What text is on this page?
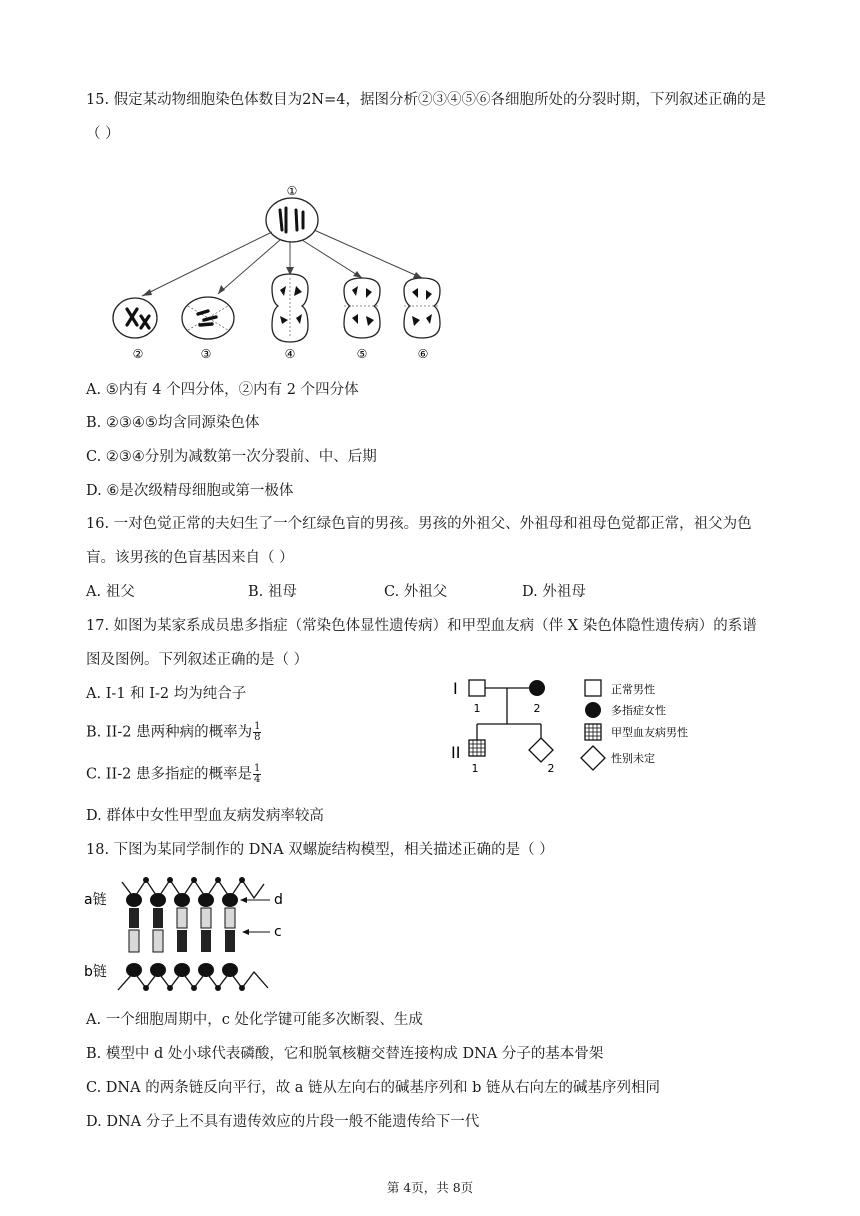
15. 假定某动物细胞染色体数目为2N=4，据图分析②③④⑤⑥各细胞所处的分裂时期，下列叙述正确的是
（ ）
①
②	③	④	⑤	⑥
A. ⑤内有 4 个四分体，②内有 2 个四分体
B. ②③④⑤均含同源染色体
C. ②③④分别为减数第一次分裂前、中、后期
D. ⑥是次级精母细胞或第一极体
16. 一对色觉正常的夫妇生了一个红绿色盲的男孩。男孩的外祖父、外祖母和祖母色觉都正常，祖父为色
盲。该男孩的色盲基因来自（ ）
A. 祖父	B. 祖母	C. 外祖父	D. 外祖母
17. 如图为某家系成员患多指症（常染色体显性遗传病）和甲型血友病（伴 X 染色体隐性遗传病）的系谱
图及图例。下列叙述正确的是（ ）
A. I-1 和 I-2 均为纯合子
B. II-2 患两种病的概率为 $\frac{1}{8}$
C. II-2 患多指症的概率是 $\frac{1}{4}$
D. 群体中女性甲型血友病发病率较高
I
1	2
II
1	2
正常男性
多指症女性
甲型血友病男性
性别未定
18. 下图为某同学制作的 DNA 双螺旋结构模型，相关描述正确的是（ ）
a链
b链
d
c
A. 一个细胞周期中，c 处化学键可能多次断裂、生成
B. 模型中 d 处小球代表磷酸，它和脱氧核糖交替连接构成 DNA 分子的基本骨架
C. DNA 的两条链反向平行，故 a 链从左向右的碱基序列和 b 链从右向左的碱基序列相同
D. DNA 分子上不具有遗传效应的片段一般不能遗传给下一代
第 4页，共 8页
